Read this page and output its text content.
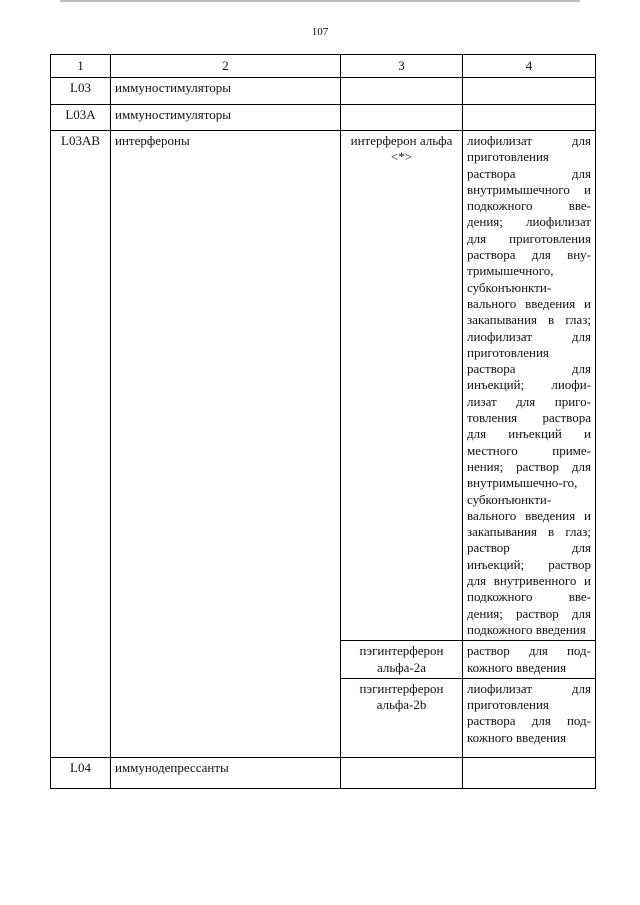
107
1	2	3	4
L03	иммуностимуляторы		
L03A	иммуностимуляторы		
L03AB	интерфероны	интерферон альфа <*>	лиофилизат для приготовления раствора для внутримышечного и подкожного вве-дения; лиофилизат для приготовления раствора для вну-тримышечного, субконъюнкти-вального введения и закапывания в глаз; лиофилизат для приготовления раствора для инъекций; лиофи-лизат для приго-товления раствора для инъекций и местного приме-нения; раствор для внутримышечно-го, субконъюнкти-вального введения и закапывания в глаз; раствор для инъекций; раствор для внутривенного и подкожного вве-дения; раствор для подкожного введения
		пэгинтерферон альфа-2a	раствор для под-кожного введения
		пэгинтерферон альфа-2b	лиофилизат для приготовления раствора для под-кожного введения
L04	иммунодепрессанты		
